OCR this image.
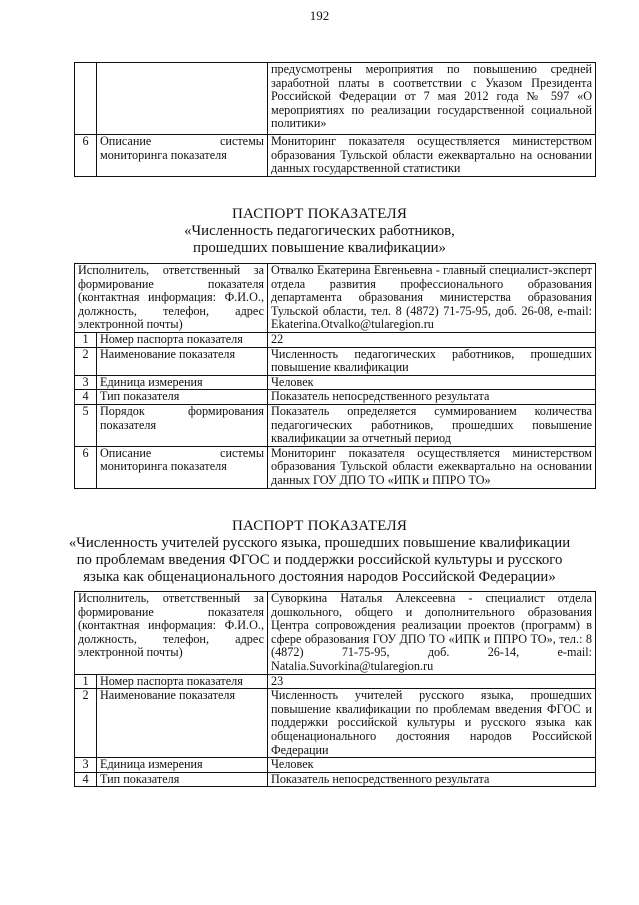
192
		предусмотрены мероприятия по повышению средней заработной платы в соответствии с Указом Президента Российской Федерации от 7 мая 2012 года № 597 «О мероприятиях по реализации государственной социальной политики»
6	Описание системы мониторинга показателя	Мониторинг показателя осуществляется министерством образования Тульской области ежеквартально на основании данных государственной статистики
ПАСПОРТ ПОКАЗАТЕЛЯ
«Численность педагогических работников,
прошедших повышение квалификации»
Исполнитель, ответственный за формирование показателя (контактная информация: Ф.И.О., должность, телефон, адрес электронной почты)		Отвалко Екатерина Евгеньевна - главный специалист-эксперт отдела развития профессионального образования департамента образования министерства образования Тульской области, тел. 8 (4872) 71-75-95, доб. 26-08, e-mail: Ekaterina.Otvalko@tularegion.ru
1	Номер паспорта показателя	22
2	Наименование показателя	Численность педагогических работников, прошедших повышение квалификации
3	Единица измерения	Человек
4	Тип показателя	Показатель непосредственного результата
5	Порядок формирования показателя	Показатель определяется суммированием количества педагогических работников, прошедших повышение квалификации за отчетный период
6	Описание системы мониторинга показателя	Мониторинг показателя осуществляется министерством образования Тульской области ежеквартально на основании данных ГОУ ДПО ТО «ИПК и ППРО ТО»
ПАСПОРТ ПОКАЗАТЕЛЯ
«Численность учителей русского языка, прошедших повышение квалификации
по проблемам введения ФГОС и поддержки российской культуры и русского
языка как общенационального достояния народов Российской Федерации»
Исполнитель, ответственный за формирование показателя (контактная информация: Ф.И.О., должность, телефон, адрес электронной почты)		Суворкина Наталья Алексеевна - специалист отдела дошкольного, общего и дополнительного образования Центра сопровождения реализации проектов (программ) в сфере образования ГОУ ДПО ТО «ИПК и ППРО ТО», тел.: 8 (4872) 71-75-95, доб. 26-14, e-mail: Natalia.Suvorkina@tularegion.ru
1	Номер паспорта показателя	23
2	Наименование показателя	Численность учителей русского языка, прошедших повышение квалификации по проблемам введения ФГОС и поддержки российской культуры и русского языка как общенационального достояния народов Российской Федерации
3	Единица измерения	Человек
4	Тип показателя	Показатель непосредственного результата
